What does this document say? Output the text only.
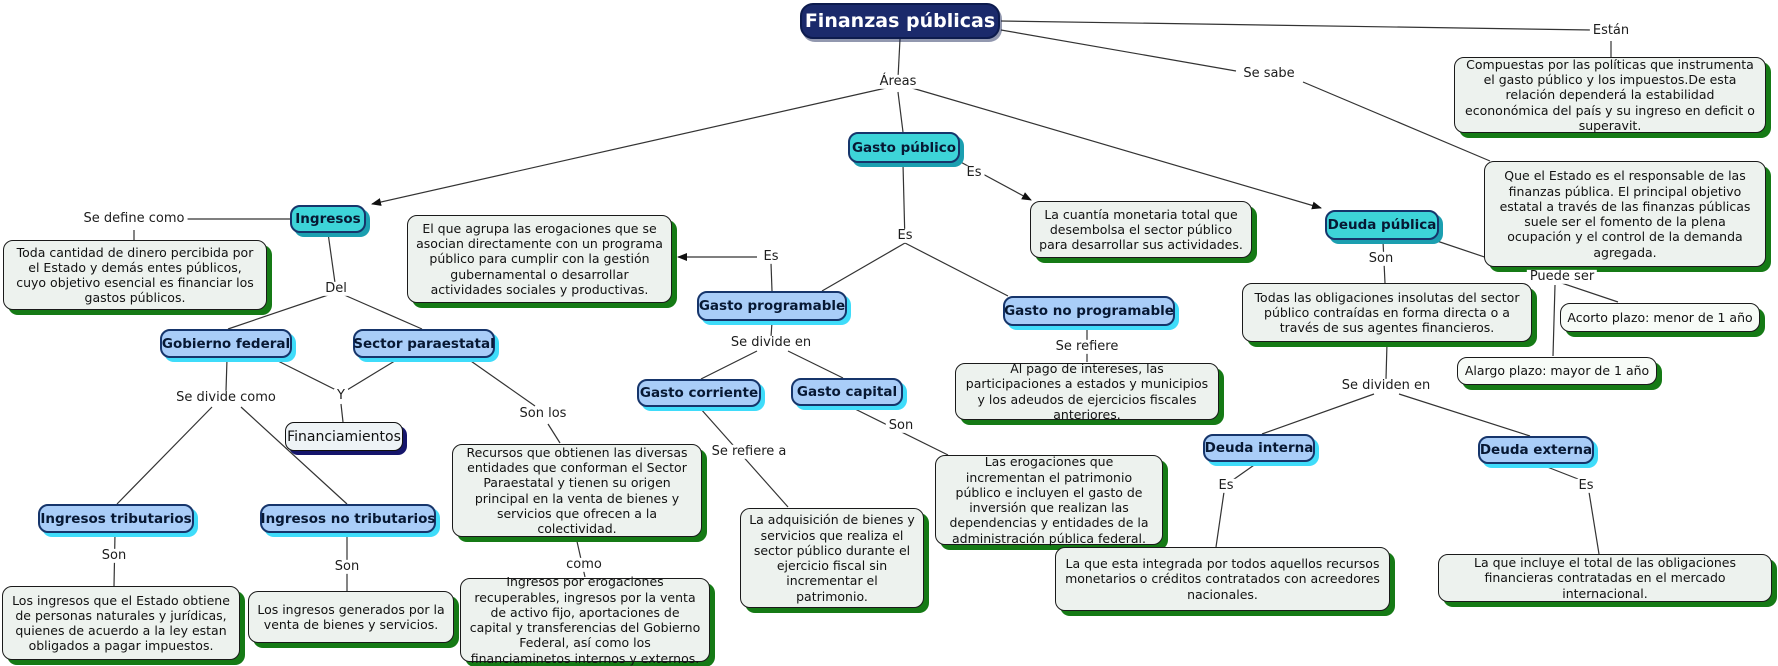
Finanzas públicas
Gasto público
Ingresos	Deuda pública
Gasto programable	Gasto no programable
Gasto corriente	Gasto capital
Gobierno federal	Sector paraestatal
Financiamientos
Ingresos tributarios	Ingresos no tributarios
Deuda interna	Deuda externa
Compuestas por las políticas que instrumenta el gasto público y los impuestos.De esta relación dependerá la estabilidad econonómica del país y su ingreso en deficit o superavit.
Que el Estado es el responsable de las finanzas pública. El principal objetivo estatal a través de las finanzas públicas suele ser el fomento de la plena ocupación y el control de la demanda agregada.
Toda cantidad de dinero percibida por el Estado y demás entes públicos, cuyo objetivo esencial es financiar los gastos públicos.
El que agrupa las erogaciones que se asocian directamente con un programa público para cumplir con la gestión gubernamental o desarrollar actividades sociales y productivas.
La cuantía monetaria total que desembolsa el sector público para desarrollar sus actividades.
Al pago de intereses, las participaciones a estados y municipios y los adeudos de ejercicios fiscales anteriores.
Todas las obligaciones insolutas del sector público contraídas en forma directa o a través de sus agentes financieros.
Acorto plazo: menor de 1 año
Alargo plazo: mayor de 1 año
Los ingresos que el Estado obtiene de personas naturales y jurídicas, quienes de acuerdo a la ley estan obligados a pagar impuestos.
Los ingresos generados por la venta de bienes y servicios.
Recursos que obtienen las diversas entidades que conforman el Sector Paraestatal y tienen su origen principal en la venta de bienes y servicios que ofrecen a la colectividad.
Ingresos por erogaciones recuperables, ingresos por la venta de activo fijo, aportaciones de capital y transferencias del Gobierno Federal, así como los financiaminetos internos y externos.
La adquisición de bienes y servicios que realiza el sector público durante el ejercicio fiscal sin incrementar el patrimonio.
Las erogaciones que incrementan el patrimonio público e incluyen el gasto de inversión que realizan las dependencias y entidades de la administración pública federal.
La que esta integrada por todos aquellos recursos monetarios o créditos contratados con acreedores nacionales.
La que incluye el total de las obligaciones financieras contratadas en el mercado internacional.
Áreas
Están
Se sabe
Se define como
Del
Es
Es
Es
Se divide en
Se refiere a
Son
Se refiere
Son
Puede ser
Se dividen en
Es	Es
Se divide como	Y
Son los
como
Son
Son
